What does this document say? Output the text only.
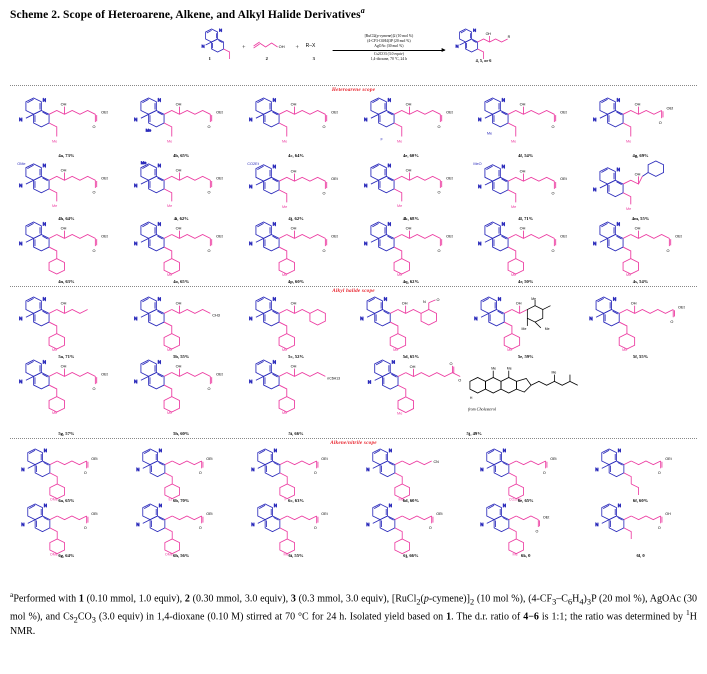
Scheme 2. Scope of Heteroarene, Alkene, and Alkyl Halide Derivatives$^a$
N
N
1
+	OH
2
+ R–X
3
[RuCl2(p-cymene)]2 (10 mol %)
(4-CF3-C6H4)3P (20 mol %)
AgOAc (30 mol %)
Cs2CO3 (3.0 equiv)
1,4-dioxane, 70 °C, 24 h
N
N
OH
R
4, 5, or 6
Heteroarene scope
N
N
OH
O
OEt
Me
4a, 73%
N
N
Me
OH
O
OEt
Me
4b, 65%
N
N
OH
O
OEt
Me
4c, 64%
N
N
OH
O
OEt
F	Me
4e, 60%
N
N
OH
O
OEt
Me
Me
4f, 54%
N
N
OH
O
OEt
Me
4g, 69%
OMe
N
N
OH
O
OEt
Me
4h, 64%
N
N
Me
OH
O
OEt
Me
4i, 62%
CO2Et
N
N
OH
O
OEt
Me
4j, 62%
N
N
OH
O
OEt
Me
4k, 68%
MeO
N
N
OH
O
OEt
Me
4l, 71%
N
N
OH
Me
4m, 55%
N
N
OH
O
OEt
4n, 63%
N
N
OH
O
OEt
Me
4o, 65%
N
N
OH
O
OEt
Me
4p, 60%
N
N
OH
O
OEt
Me
4q, 62%
N
N
OH
O
OEt
Me
4r, 50%
N
N
OH
O
OEt
Me
4s, 54%
Alkyl halide scope
N
N
OH
Me
5a, 71%
N
N
OH
CH3
Me
5b, 55%
N
N
OH
Me
5c, 52%
N
N
OH	N	O
Me
5d, 65%
N
N
OH
Me
Me
Me
Me
5e, 59%
N
N
OH
O
OEt
Me
5f, 55%
N
N
OH
O
OEt
Me
5g, 57%
N
N
OH
O
OEt
Me
5h, 60%
N
N
OH
nC6H13
Me
5i, 66%
N
N
OH
O
O
Me
H
Me	Me
Me
from Cholesterol
5j, 49%
Alkene/nitrile scope
N
N
O
OEt
OMe 6a, 65%
N
N
O
OEt
Et 6b, 70%
N
N
O
OEt
F 6c, 63%
N
N
CN
Me 6d, 60%
N
N
O
OEt
CO2Me
6e, 65%
N
N
O
OEt
6f, 60%
N
N
O
OEt
OMe 6g, 64%
N
N
O
OEt
OMe 6h, 56%
N
N
O
OEt
Me 6i, 55%
N
N
O
OEt
6j, 66%
N
N
O
OEt
Me 6k, 0
N
N
O
OH
6l, 0
$^a$Performed with 1 (0.10 mmol, 1.0 equiv), 2 (0.30 mmol, 3.0 equiv), 3 (0.3 mmol, 3.0 equiv), $[RuCl_2(p-cymene)]_2$ (10 mol %), $(4-CF_3-C_6H_4)_3P$ (20 mol %), AgOAc (30 mol %), and $Cs_2CO_3$ (3.0 equiv) in 1,4-dioxane (0.10 M) stirred at 70 °C for 24 h. Isolated yield based on 1. The d.r. ratio of 4−6 is 1:1; the ratio was determined by $^1$H NMR.
